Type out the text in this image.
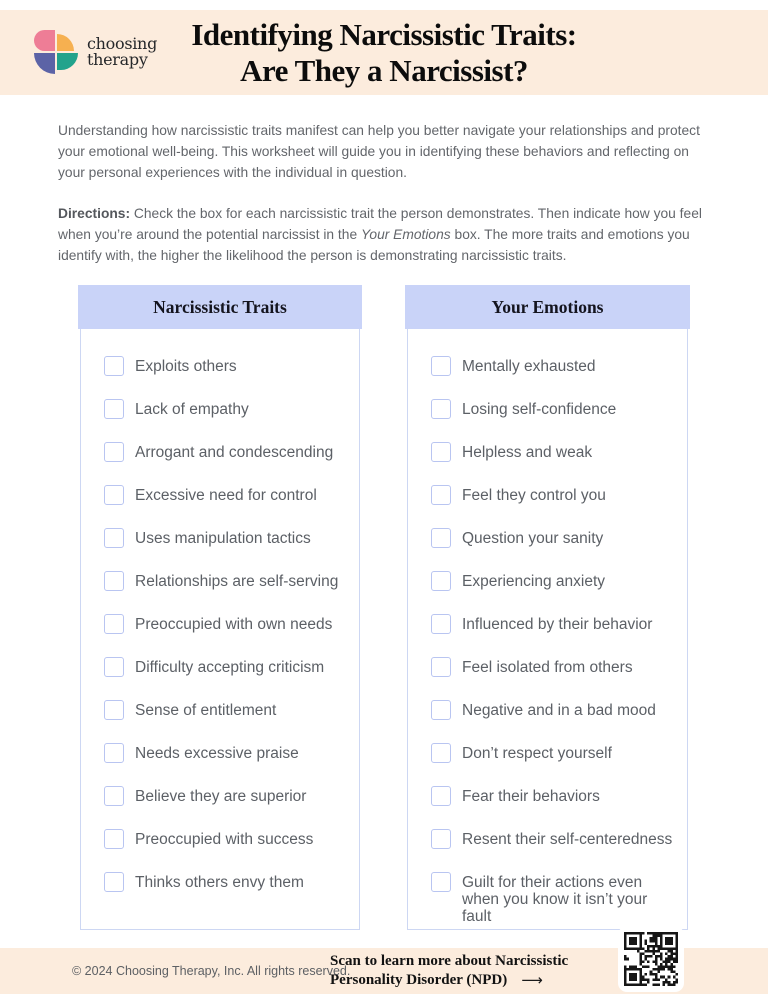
choosing
therapy
Identifying Narcissistic Traits:
Are They a Narcissist?

Understanding how narcissistic traits manifest can help you better navigate your relationships and protect your emotional well-being. This worksheet will guide you in identifying these behaviors and reflecting on your personal experiences with the individual in question.

Directions: Check the box for each narcissistic trait the person demonstrates. Then indicate how you feel when you’re around the potential narcissist in the Your Emotions box. The more traits and emotions you identify with, the higher the likelihood the person is demonstrating narcissistic traits.

Narcissistic Traits
Exploits others
Lack of empathy
Arrogant and condescending
Excessive need for control
Uses manipulation tactics
Relationships are self-serving
Preoccupied with own needs
Difficulty accepting criticism
Sense of entitlement
Needs excessive praise
Believe they are superior
Preoccupied with success
Thinks others envy them
Your Emotions
Mentally exhausted
Losing self-confidence
Helpless and weak
Feel they control you
Question your sanity
Experiencing anxiety
Influenced by their behavior
Feel isolated from others
Negative and in a bad mood
Don’t respect yourself
Fear their behaviors
Resent their self-centeredness
Guilt for their actions even when you know it isn’t your fault
© 2024 Choosing Therapy, Inc. All rights reserved.
Scan to learn more about Narcissistic
Personality Disorder (NPD) ⟶
